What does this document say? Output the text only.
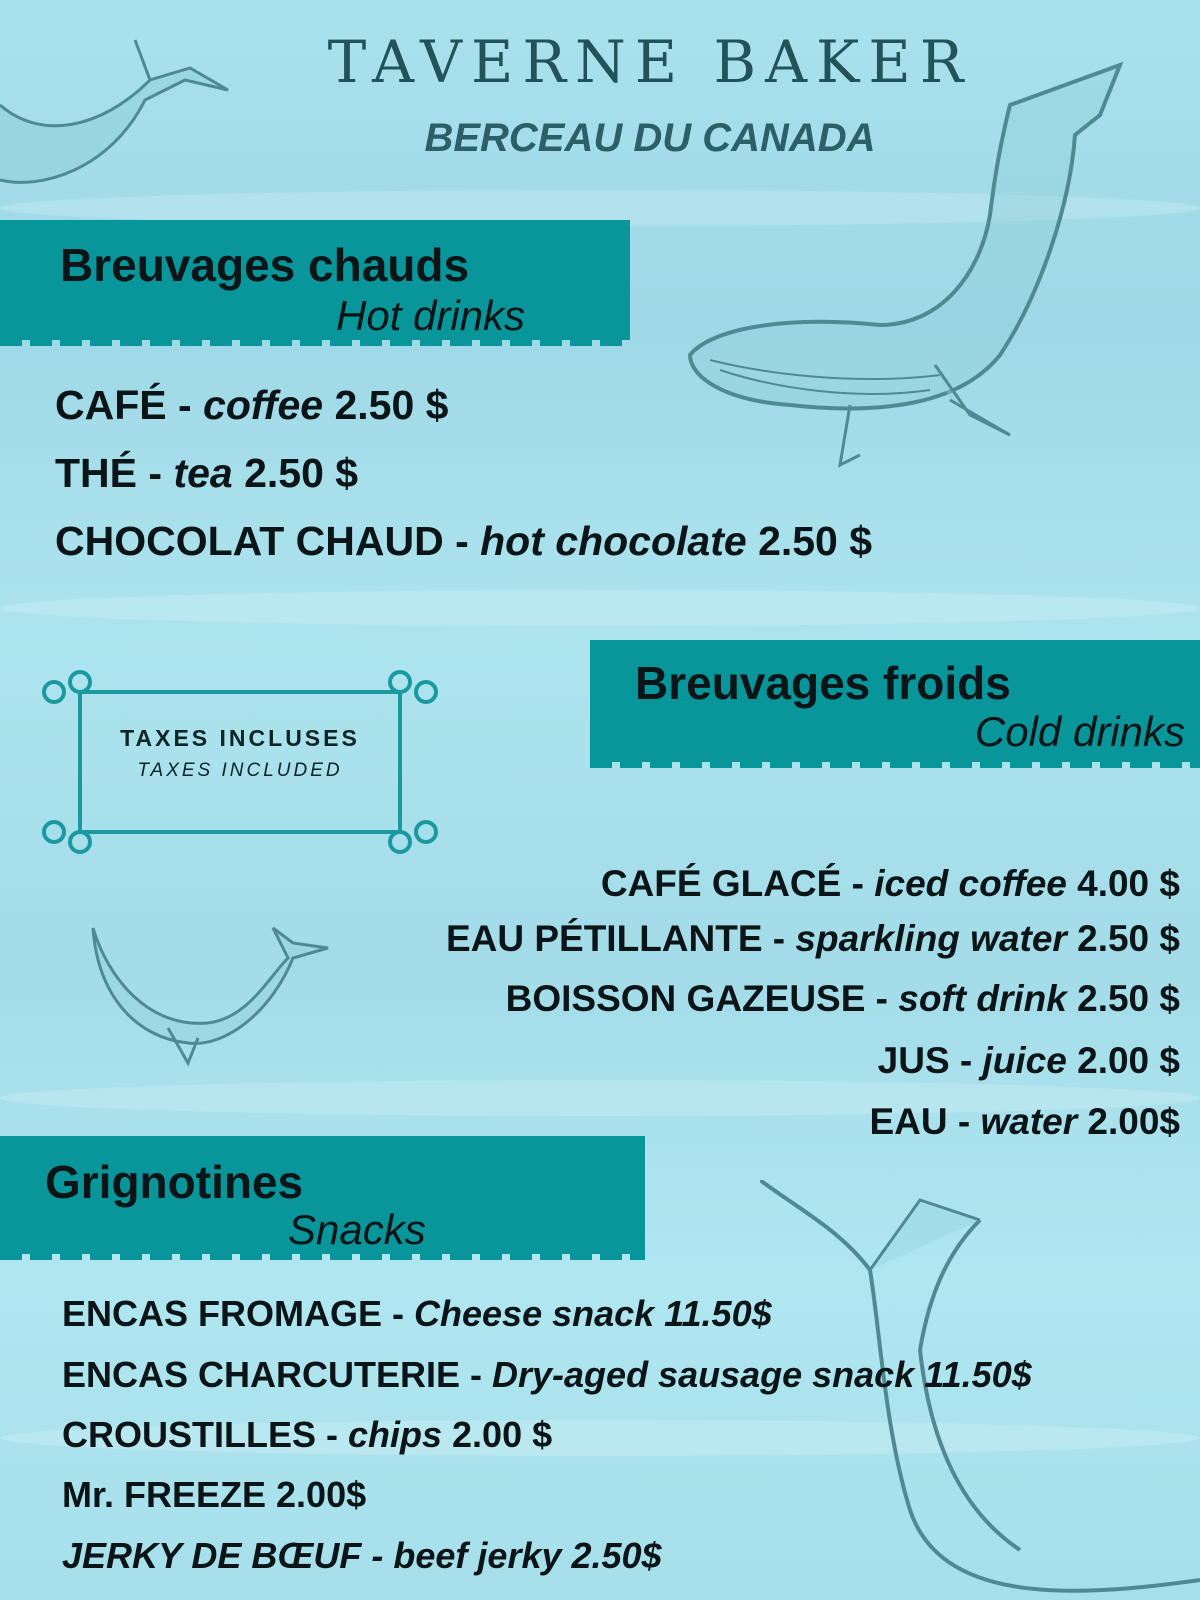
TAVERNE BAKER
BERCEAU DU CANADA
Breuvages chauds
Hot drinks
CAFÉ - coffee 2.50 $
THÉ - tea 2.50 $
CHOCOLAT CHAUD - hot chocolate 2.50 $
TAXES INCLUSES
TAXES INCLUDED
Breuvages froids
Cold drinks
CAFÉ GLACÉ - iced coffee 4.00 $
EAU PÉTILLANTE - sparkling water 2.50 $
BOISSON GAZEUSE - soft drink 2.50 $
JUS - juice 2.00 $
EAU - water 2.00$
Grignotines
Snacks
ENCAS FROMAGE - Cheese snack 11.50$
ENCAS CHARCUTERIE - Dry-aged sausage snack 11.50$
CROUSTILLES - chips 2.00 $
Mr. FREEZE 2.00$
JERKY DE BŒUF - beef jerky 2.50$
